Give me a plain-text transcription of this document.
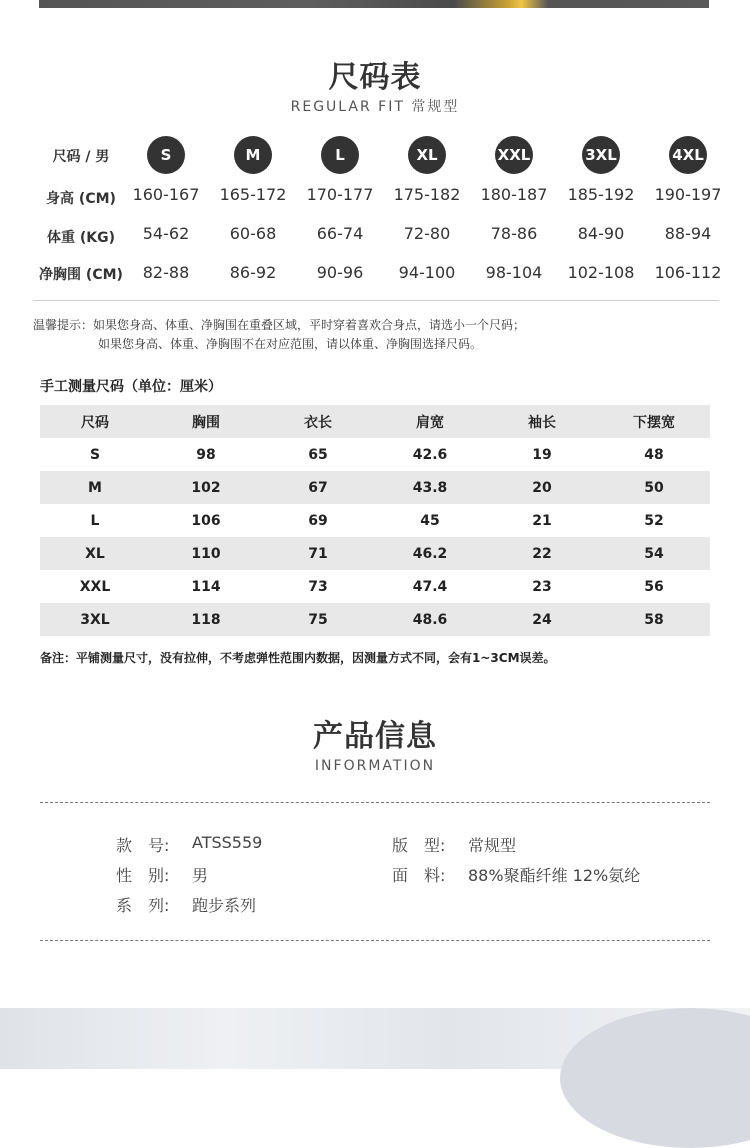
尺码表
REGULAR FIT 常规型
尺码 / 男	S	M	L	XL	XXL	3XL	4XL
身高 (CM)	160-167	165-172	170-177	175-182	180-187	185-192	190-197
体重 (KG)	54-62	60-68	66-74	72-80	78-86	84-90	88-94
净胸围 (CM)	82-88	86-92	90-96	94-100	98-104	102-108	106-112
温馨提示：如果您身高、体重、净胸围在重叠区域，平时穿着喜欢合身点，请选小一个尺码；
如果您身高、体重、净胸围不在对应范围，请以体重、净胸围选择尺码。
手工测量尺码（单位：厘米）
尺码	胸围	衣长	肩宽	袖长	下摆宽
S	98	65	42.6	19	48
M	102	67	43.8	20	50
L	106	69	45	21	52
XL	110	71	46.2	22	54
XXL	114	73	47.4	23	56
3XL	118	75	48.6	24	58
备注：平铺测量尺寸，没有拉伸，不考虑弹性范围内数据，因测量方式不同，会有1~3CM误差。
产品信息
INFORMATION
款　号: ATSS559	版　型: 常规型
性　别: 男	面　料: 88%聚酯纤维 12%氨纶
系　列: 跑步系列
